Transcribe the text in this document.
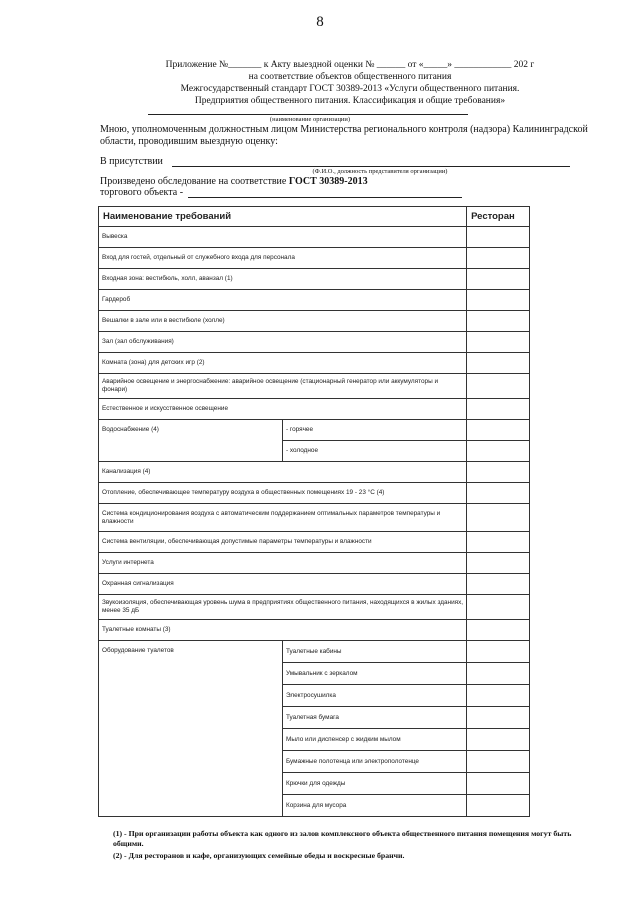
8
Приложение №_______ к Акту выездной оценки № ______ от «_____» ____________ 202 г
на соответствие объектов общественного питания
Межгосударственный стандарт ГОСТ 30389-2013 «Услуги общественного питания.
Предприятия общественного питания. Классификация и общие требования»
(наименование организации)
Мною, уполномоченным должностным лицом Министерства регионального контроля (надзора) Калининградской области, проводившим выездную оценку:
В присутствии
(Ф.И.О., должность представителя организации)
Произведено обследование на соответствие ГОСТ 30389-2013
торгового объекта -
Наименование требований		Ресторан
Вывеска		
Вход для гостей, отдельный от служебного входа для персонала		
Входная зона: вестибюль, холл, аванзал (1)		
Гардероб		
Вешалки в зале или в вестибюле (холле)		
Зал (зал обслуживания)		
Комната (зона) для детских игр (2)		
Аварийное освещение и энергоснабжение: аварийное освещение (стационарный генератор или аккумуляторы и фонари)		
Естественное и искусственное освещение		
Водоснабжение (4)	- горячее	
	- холодное	
Канализация (4)		
Отопление, обеспечивающее температуру воздуха в общественных помещениях 19 - 23 °С (4)		
Система кондиционирования воздуха с автоматическим поддержанием оптимальных параметров температуры и влажности		
Система вентиляции, обеспечивающая допустимые параметры температуры и влажности		
Услуги интернета		
Охранная сигнализация		
Звукоизоляция, обеспечивающая уровень шума в предприятиях общественного питания, находящихся в жилых зданиях, менее 35 дБ		
Туалетные комнаты (3)		
Оборудование туалетов	Туалетные кабины	
	Умывальник с зеркалом	
	Электросушилка	
	Туалетная бумага	
	Мыло или диспенсер с жидким мылом	
	Бумажные полотенца или электрополотенце	
	Крючки для одежды	
	Корзина для мусора	
(1) - При организации работы объекта как одного из залов комплексного объекта общественного питания помещения могут быть общими.
(2) - Для ресторанов и кафе, организующих семейные обеды и воскресные бранчи.
